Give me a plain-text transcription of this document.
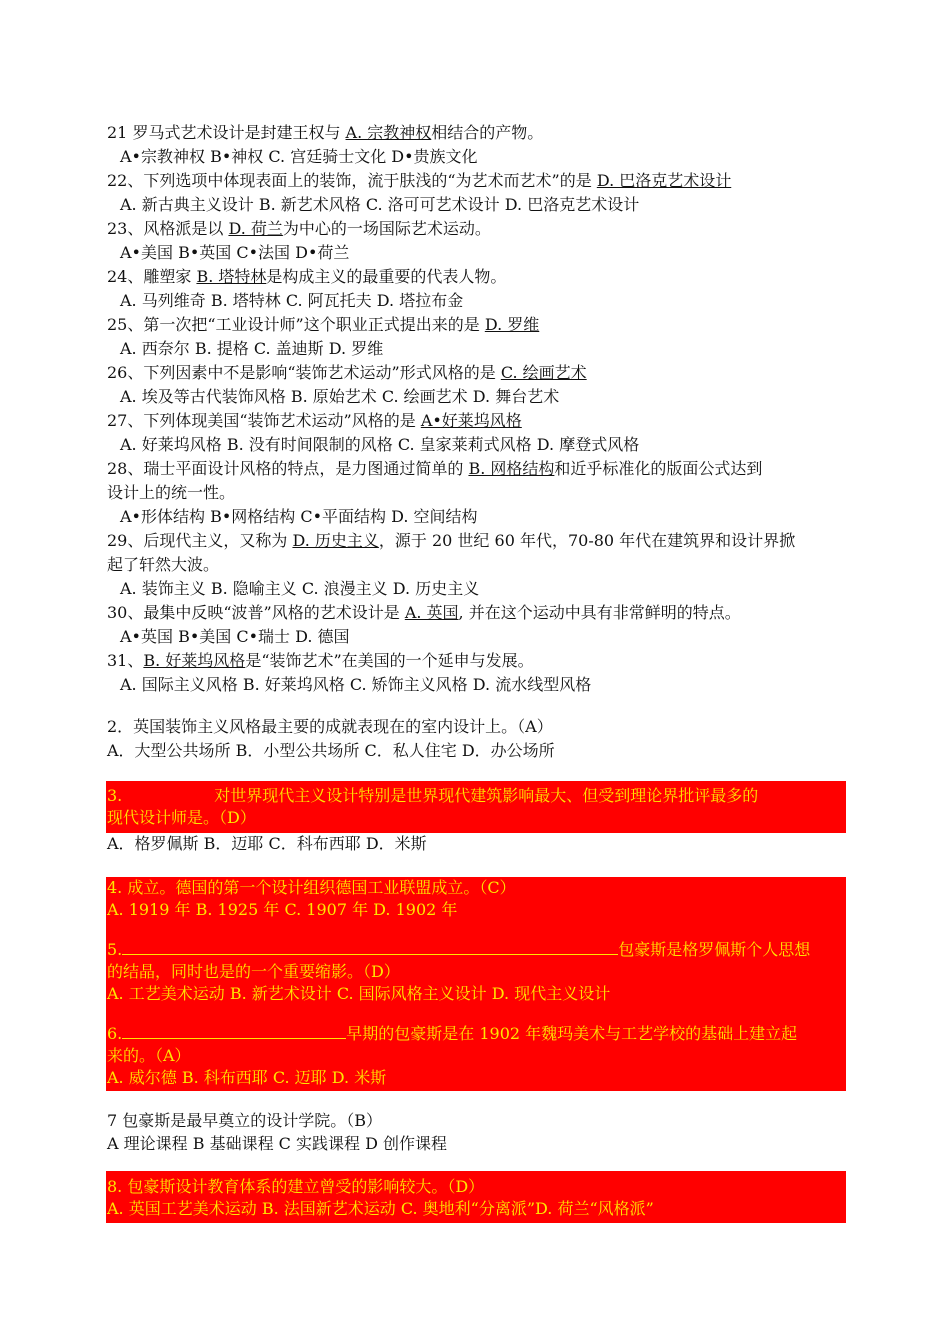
21 罗马式艺术设计是封建王权与 A. 宗教神权相结合的产物。
A•宗教神权 B•神权 C. 宫廷骑士文化 D•贵族文化
22、下列选项中体现表面上的装饰，流于肤浅的“为艺术而艺术”的是 D. 巴洛克艺术设计
A. 新古典主义设计 B. 新艺术风格 C. 洛可可艺术设计 D. 巴洛克艺术设计
23、风格派是以 D. 荷兰为中心的一场国际艺术运动。
A•美国 B•英国 C•法国 D•荷兰
24、雕塑家 B. 塔特林是构成主义的最重要的代表人物。
A. 马列维奇 B. 塔特林 C. 阿瓦托夫 D. 塔拉布金
25、第一次把“工业设计师”这个职业正式提出来的是 D. 罗维
A. 西奈尔 B. 提格 C. 盖迪斯 D. 罗维
26、下列因素中不是影响“装饰艺术运动”形式风格的是 C. 绘画艺术
A. 埃及等古代装饰风格 B. 原始艺术 C. 绘画艺术 D. 舞台艺术
27、下列体现美国“装饰艺术运动”风格的是 A•好莱坞风格
A. 好莱坞风格 B. 没有时间限制的风格 C. 皇家莱莉式风格 D. 摩登式风格
28、瑞士平面设计风格的特点，是力图通过简单的 B. 网格结构和近乎标准化的版面公式达到
设计上的统一性。
A•形体结构 B•网格结构 C•平面结构 D. 空间结构
29、后现代主义，又称为 D. 历史主义，源于 20 世纪 60 年代，70-80 年代在建筑界和设计界掀
起了轩然大波。
A. 装饰主义 B. 隐喻主义 C. 浪漫主义 D. 历史主义
30、最集中反映“波普”风格的艺术设计是 A. 英国, 并在这个运动中具有非常鲜明的特点。
A•英国 B•美国 C•瑞士 D. 德国
31、B. 好莱坞风格是“装饰艺术”在美国的一个延申与发展。
A. 国际主义风格 B. 好莱坞风格 C. 矫饰主义风格 D. 流水线型风格
2．英国装饰主义风格最主要的成就表现在的室内设计上。（A）
A．大型公共场所 B．小型公共场所 C．私人住宅 D．办公场所
3.	对世界现代主义设计特别是世界现代建筑影响最大、但受到理论界批评最多的
现代设计师是。（D）
A．格罗佩斯 B．迈耶 C．科布西耶 D．米斯
4. 成立。德国的第一个设计组织德国工业联盟成立。（C）
A. 1919 年 B. 1925 年 C. 1907 年 D. 1902 年
5.	包豪斯是格罗佩斯个人思想
的结晶，同时也是的一个重要缩影。（D）
A. 工艺美术运动 B. 新艺术设计 C. 国际风格主义设计 D. 现代主义设计
6.	早期的包豪斯是在 1902 年魏玛美术与工艺学校的基础上建立起
来的。（A）
A. 威尔德 B. 科布西耶 C. 迈耶 D. 米斯
7 包豪斯是最早奠立的设计学院。（B）
A 理论课程 B 基础课程 C 实践课程 D 创作课程
8. 包豪斯设计教育体系的建立曾受的影响较大。（D）
A. 英国工艺美术运动 B. 法国新艺术运动 C. 奥地利“分离派”D. 荷兰“风格派”
